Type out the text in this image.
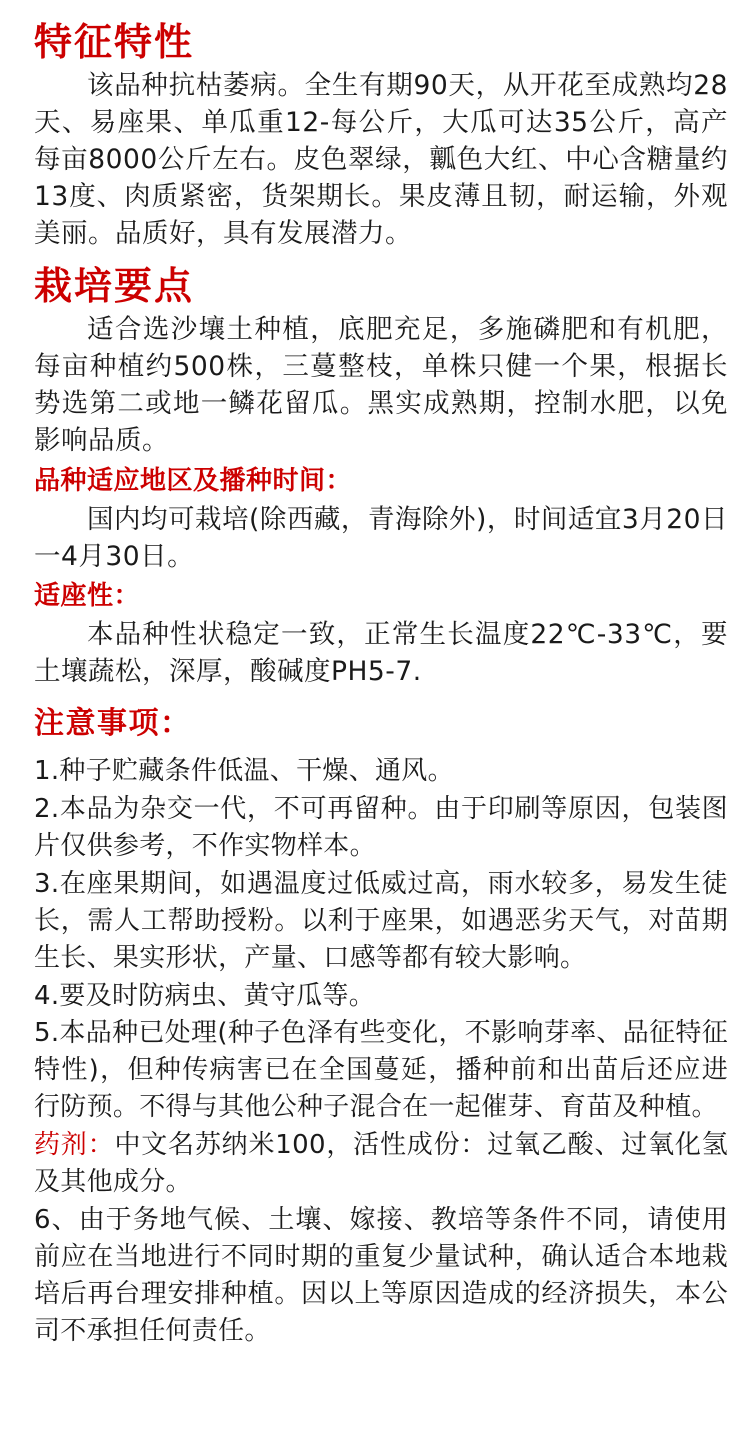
特征特性

该品种抗枯萎病。全生有期90天，从开花至成熟均28天、易座果、单瓜重12-每公斤，大瓜可达35公斤，高产每亩8000公斤左右。皮色翠绿，瓤色大红、中心含糖量约13度、肉质紧密，货架期长。果皮薄且韧，耐运输，外观美丽。品质好，具有发展潜力。

栽培要点

适合选沙壤土种植，底肥充足，多施磷肥和有机肥，每亩种植约500株，三蔓整枝，单株只健一个果，根据长势选第二或地一鳞花留瓜。黑实成熟期，控制水肥，以免影响品质。

品种适应地区及播种时间：

国内均可栽培(除西藏，青海除外)，时间适宜3月20日一4月30日。

适座性：

本品种性状稳定一致，正常生长温度22℃-33℃，要土壤蔬松，深厚，酸碱度PH5-7.

注意事项：

1.种子贮藏条件低温、干燥、通风。

2.本品为杂交一代，不可再留种。由于印刷等原因，包装图片仅供参考，不作实物样本。

3.在座果期间，如遇温度过低威过高，雨水较多，易发生徒长，需人工帮助授粉。以利于座果，如遇恶劣天气，对苗期生长、果实形状，产量、口感等都有较大影响。

4.要及时防病虫、黄守瓜等。

5.本品种已处理(种子色泽有些变化，不影响芽率、品征特征特性)，但种传病害已在全国蔓延，播种前和出苗后还应进行防预。不得与其他公种子混合在一起催芽、育苗及种植。

药剂：中文名苏纳米100，活性成份：过氧乙酸、过氧化氢及其他成分。

6、由于务地气候、土壤、嫁接、教培等条件不同，请使用前应在当地进行不同时期的重复少量试种，确认适合本地栽培后再台理安排种植。因以上等原因造成的经济损失，本公司不承担任何责任。
